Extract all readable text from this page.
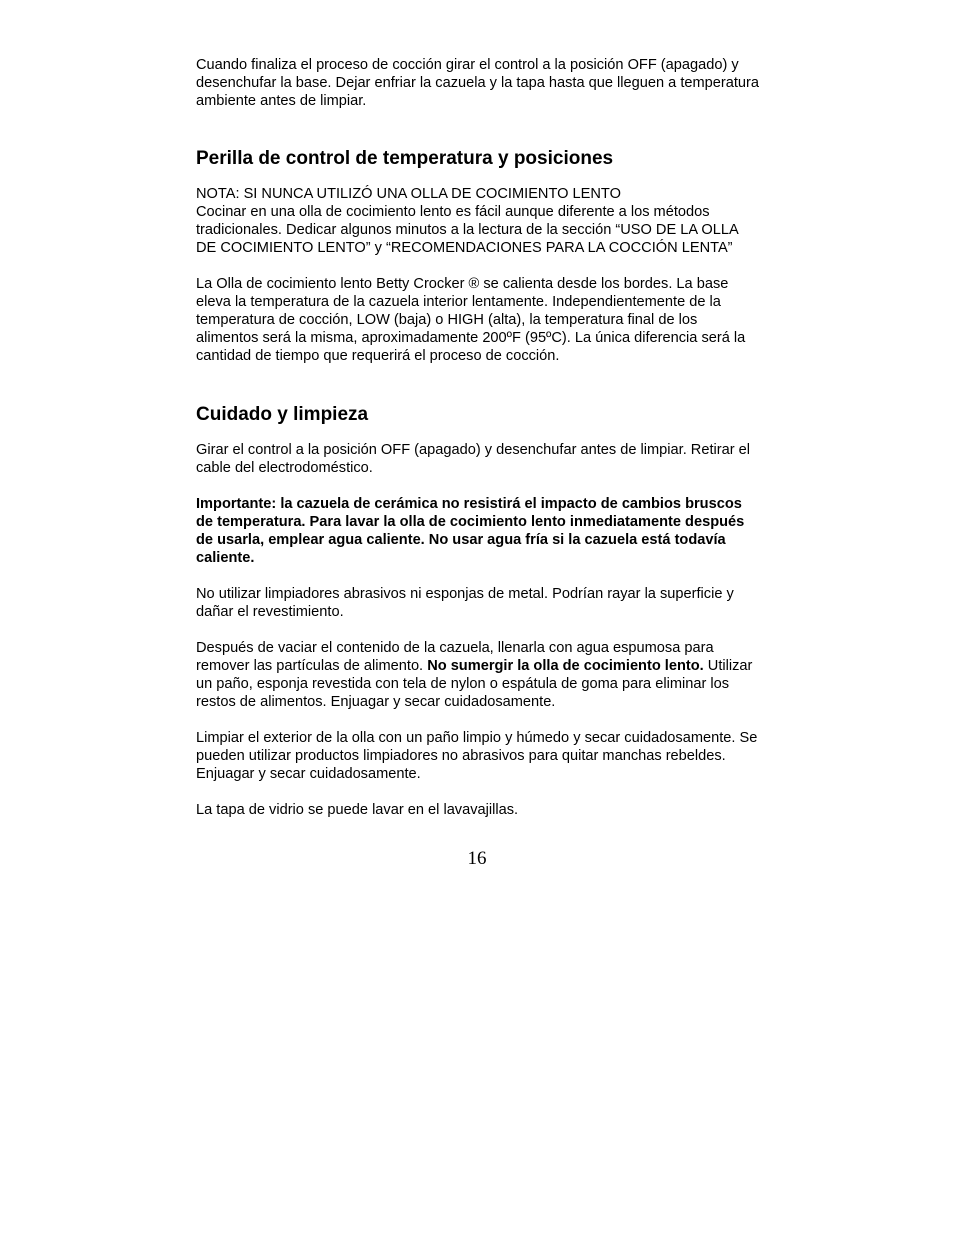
Cuando finaliza el proceso de cocción girar el control a la posición OFF (apagado) y desenchufar la base. Dejar enfriar la cazuela y la tapa hasta que lleguen a temperatura ambiente antes de limpiar.

Perilla de control de temperatura y posiciones

NOTA: SI NUNCA UTILIZÓ UNA OLLA DE COCIMIENTO LENTO

Cocinar en una olla de cocimiento lento es fácil aunque diferente a los métodos tradicionales. Dedicar algunos minutos a la lectura de la sección “USO DE LA OLLA DE COCIMIENTO LENTO” y “RECOMENDACIONES PARA LA COCCIÓN LENTA”

La Olla de cocimiento lento Betty Crocker ® se calienta desde los bordes. La base eleva la temperatura de la cazuela interior lentamente. Independientemente de la temperatura de cocción, LOW (baja) o HIGH (alta), la temperatura final de los alimentos será la misma, aproximadamente 200ºF (95ºC). La única diferencia será la cantidad de tiempo que requerirá el proceso de cocción.

Cuidado y limpieza

Girar el control a la posición OFF (apagado) y desenchufar antes de limpiar. Retirar el cable del electrodoméstico.

Importante: la cazuela de cerámica no resistirá el impacto de cambios bruscos de temperatura. Para lavar la olla de cocimiento lento inmediatamente después de usarla, emplear agua caliente. No usar agua fría si la cazuela está todavía caliente.

No utilizar limpiadores abrasivos ni esponjas de metal. Podrían rayar la superficie y dañar el revestimiento.

Después de vaciar el contenido de la cazuela, llenarla con agua espumosa para remover las partículas de alimento. No sumergir la olla de cocimiento lento. Utilizar un paño, esponja revestida con tela de nylon o espátula de goma para eliminar los restos de alimentos. Enjuagar y secar cuidadosamente.

Limpiar el exterior de la olla con un paño limpio y húmedo y secar cuidadosamente. Se pueden utilizar productos limpiadores no abrasivos para quitar manchas rebeldes. Enjuagar y secar cuidadosamente.

La tapa de vidrio se puede lavar en el lavavajillas.

16
